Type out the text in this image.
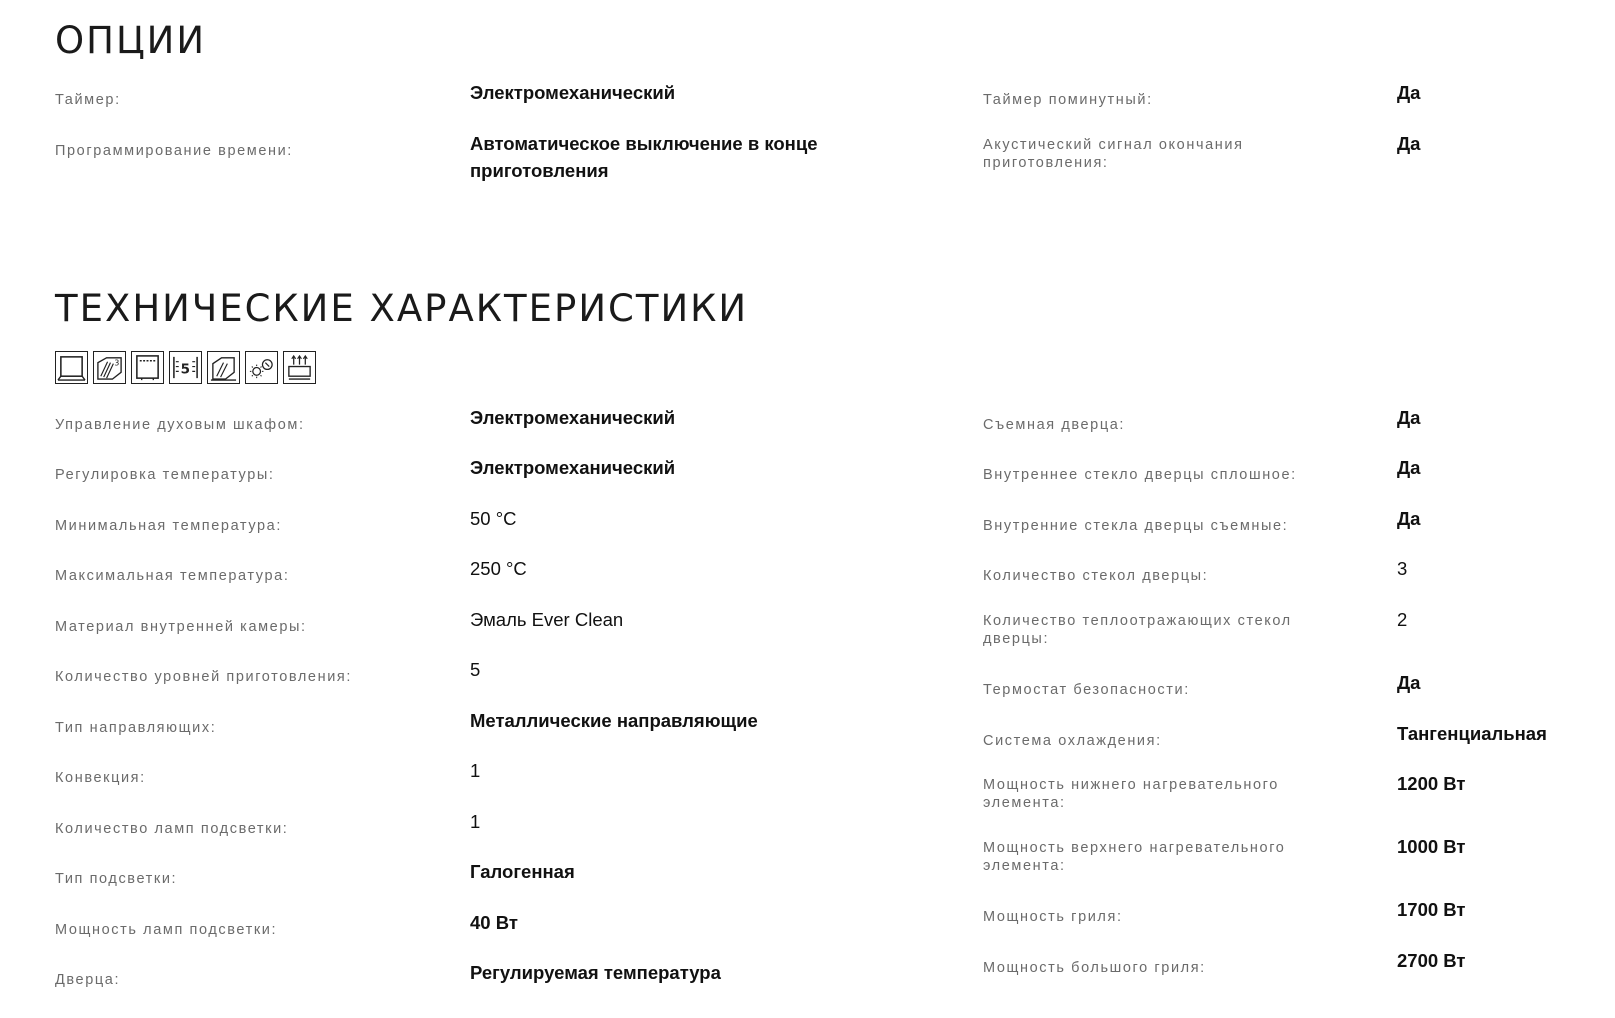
ОПЦИИ
Таймер:	Электромеханический
Программирование времени:	Автоматическое выключение в конце приготовления
Таймер поминутный:	Да
Акустический сигнал окончания приготовления:
Да
ТЕХНИЧЕСКИЕ ХАРАКТЕРИСТИКИ
3	5
Управление духовым шкафом:	Электромеханический
Регулировка температуры:	Электромеханический
Минимальная температура:	50 °C
Максимальная температура:	250 °C
Материал внутренней камеры:	Эмаль Ever Clean
Количество уровней приготовления:	5
Тип направляющих:	Металлические направляющие
Конвекция:	1
Количество ламп подсветки:	1
Тип подсветки:	Галогенная
Мощность ламп подсветки:	40 Вт
Дверца:	Регулируемая температура
Съемная дверца:	Да
Внутреннее стекло дверцы сплошное:	Да
Внутренние стекла дверцы съемные:	Да
Количество стекол дверцы:	3
Количество теплоотражающих стекол дверцы:
2
Термостат безопасности:	Да
Система охлаждения:	Тангенциальная
Мощность нижнего нагревательного элемента:
1200 Вт
Мощность верхнего нагревательного элемента:
1000 Вт
Мощность гриля:	1700 Вт
Мощность большого гриля:	2700 Вт
